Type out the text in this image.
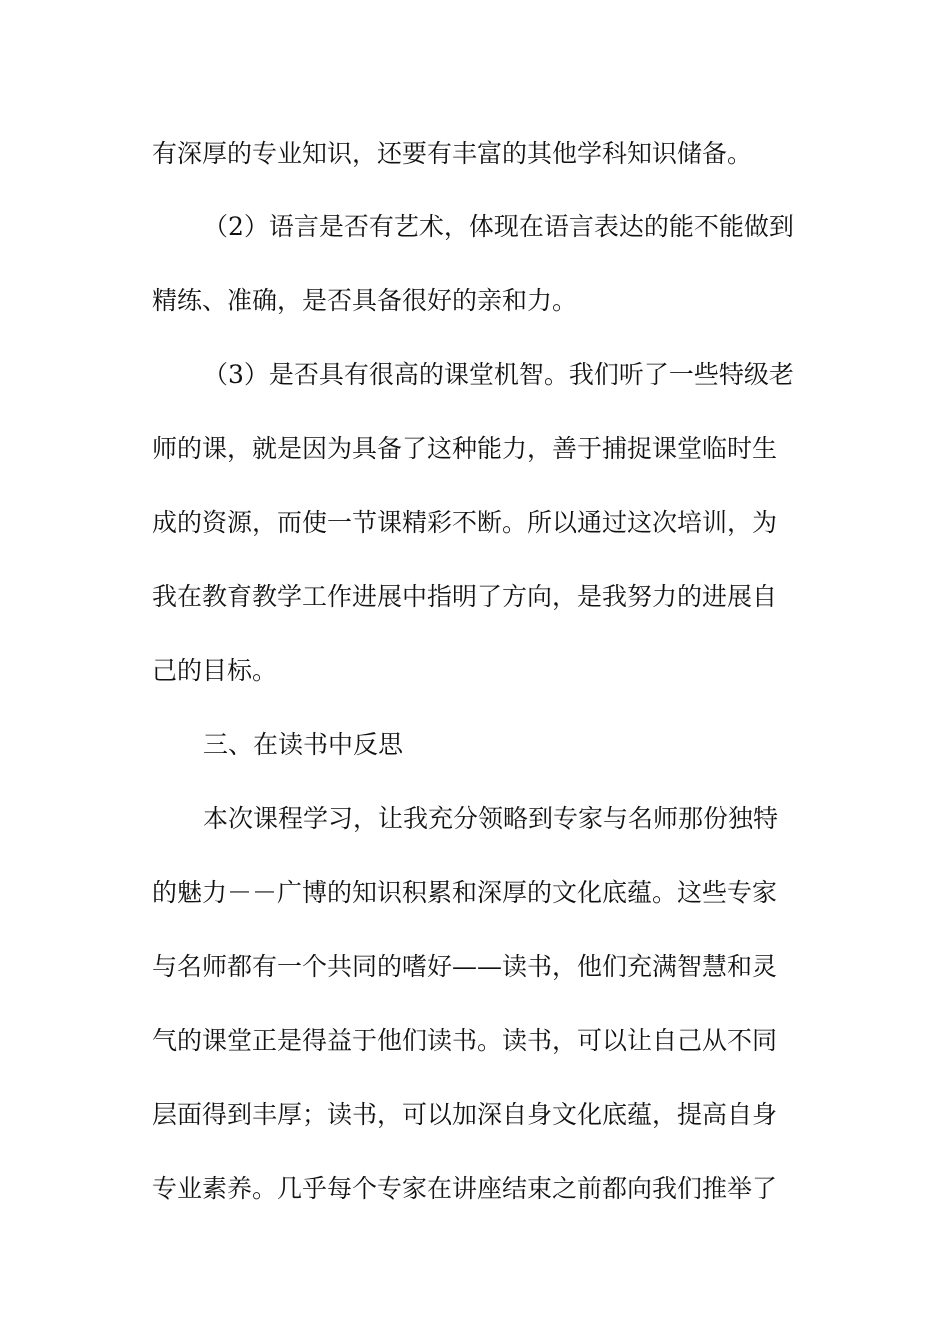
有深厚的专业知识，还要有丰富的其他学科知识储备。
（2）语言是否有艺术，体现在语言表达的能不能做到
精练、准确，是否具备很好的亲和力。
（3）是否具有很高的课堂机智。我们听了一些特级老
师的课，就是因为具备了这种能力，善于捕捉课堂临时生
成的资源，而使一节课精彩不断。所以通过这次培训，为
我在教育教学工作进展中指明了方向，是我努力的进展自
己的目标。
三、在读书中反思
本次课程学习，让我充分领略到专家与名师那份独特
的魅力－－广博的知识积累和深厚的文化底蕴。这些专家
与名师都有一个共同的嗜好——读书，他们充满智慧和灵
气的课堂正是得益于他们读书。读书，可以让自己从不同
层面得到丰厚；读书，可以加深自身文化底蕴，提高自身
专业素养。几乎每个专家在讲座结束之前都向我们推举了
